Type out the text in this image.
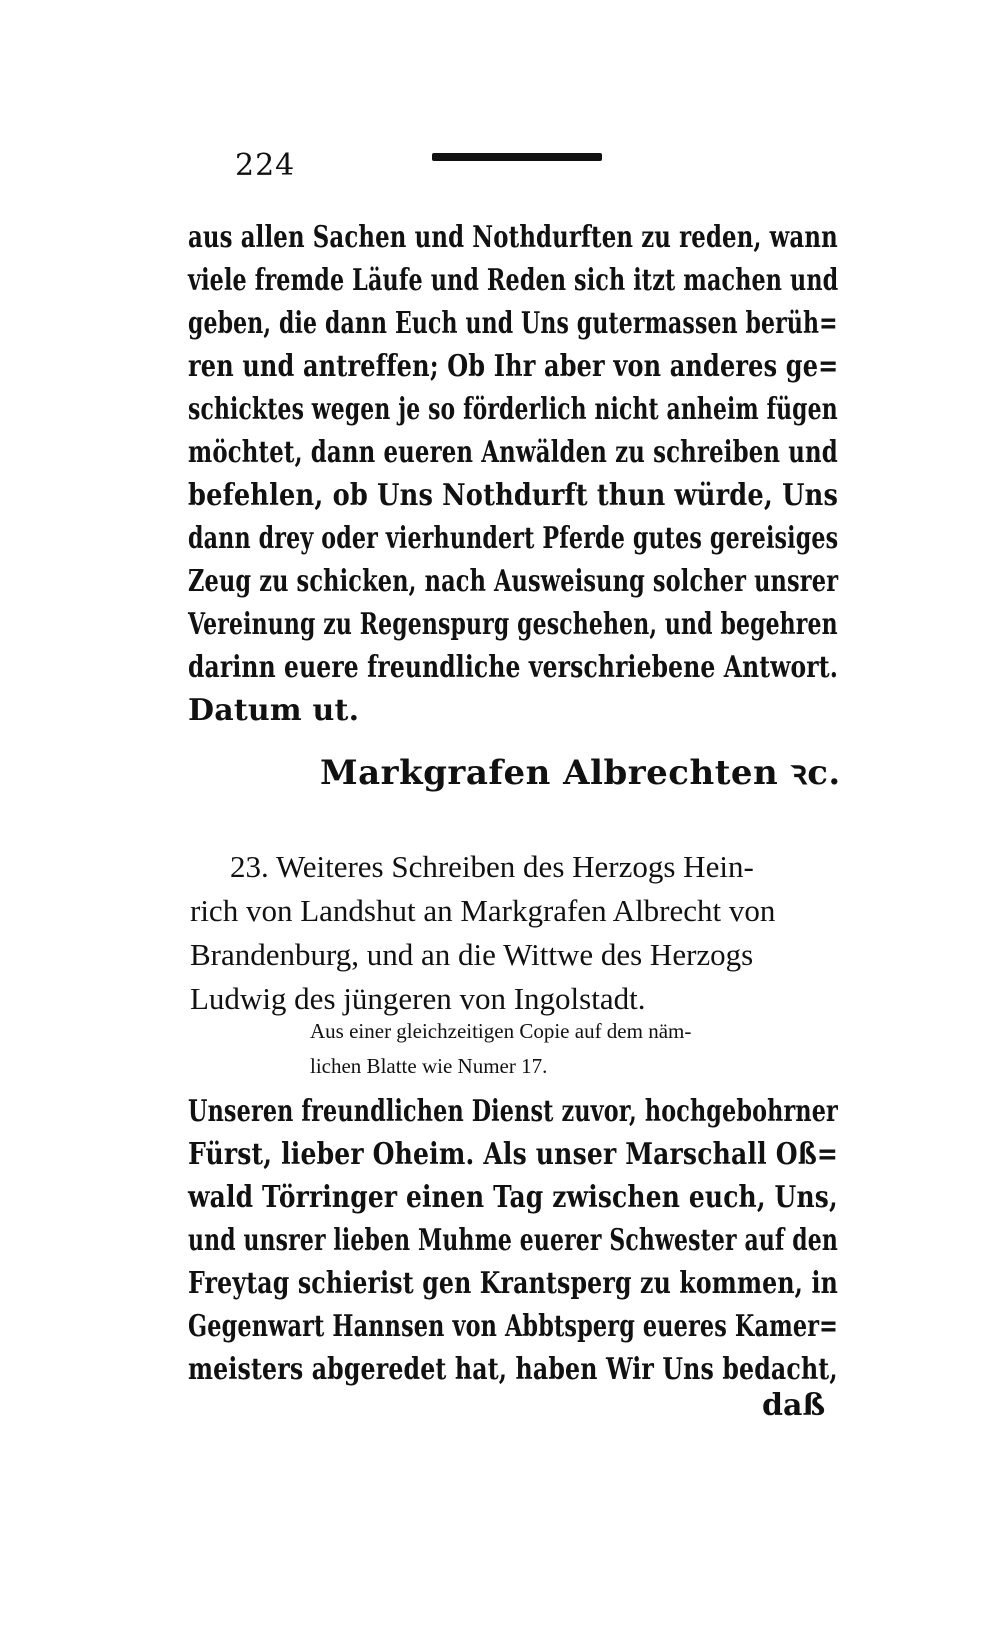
224
aus allen Sachen und Nothdurften zu reden, wann
viele fremde Läufe und Reden sich itzt machen und
geben, die dann Euch und Uns gutermassen berüh=
ren und antreffen; Ob Ihr aber von anderes ge=
schicktes wegen je so förderlich nicht anheim fügen
möchtet, dann eueren Anwälden zu schreiben und
befehlen, ob Uns Nothdurft thun würde, Uns
dann drey oder vierhundert Pferde gutes gereisiges
Zeug zu schicken, nach Ausweisung solcher unsrer
Vereinung zu Regenspurg geschehen, und begehren
darinn euere freundliche verschriebene Antwort.
Datum ut.
Markgrafen Albrechten ꝛc.
23. Weiteres Schreiben des Herzogs Hein-
rich von Landshut an Markgrafen Albrecht von
Brandenburg, und an die Wittwe des Herzogs
Ludwig des jüngeren von Ingolstadt.
Aus einer gleichzeitigen Copie auf dem näm-
lichen Blatte wie Numer 17.
Unseren freundlichen Dienst zuvor, hochgebohrner
Fürst, lieber Oheim. Als unser Marschall Oß=
wald Törringer einen Tag zwischen euch, Uns,
und unsrer lieben Muhme euerer Schwester auf den
Freytag schierist gen Krantsperg zu kommen, in
Gegenwart Hannsen von Abbtsperg eueres Kamer=
meisters abgeredet hat, haben Wir Uns bedacht,
daß
